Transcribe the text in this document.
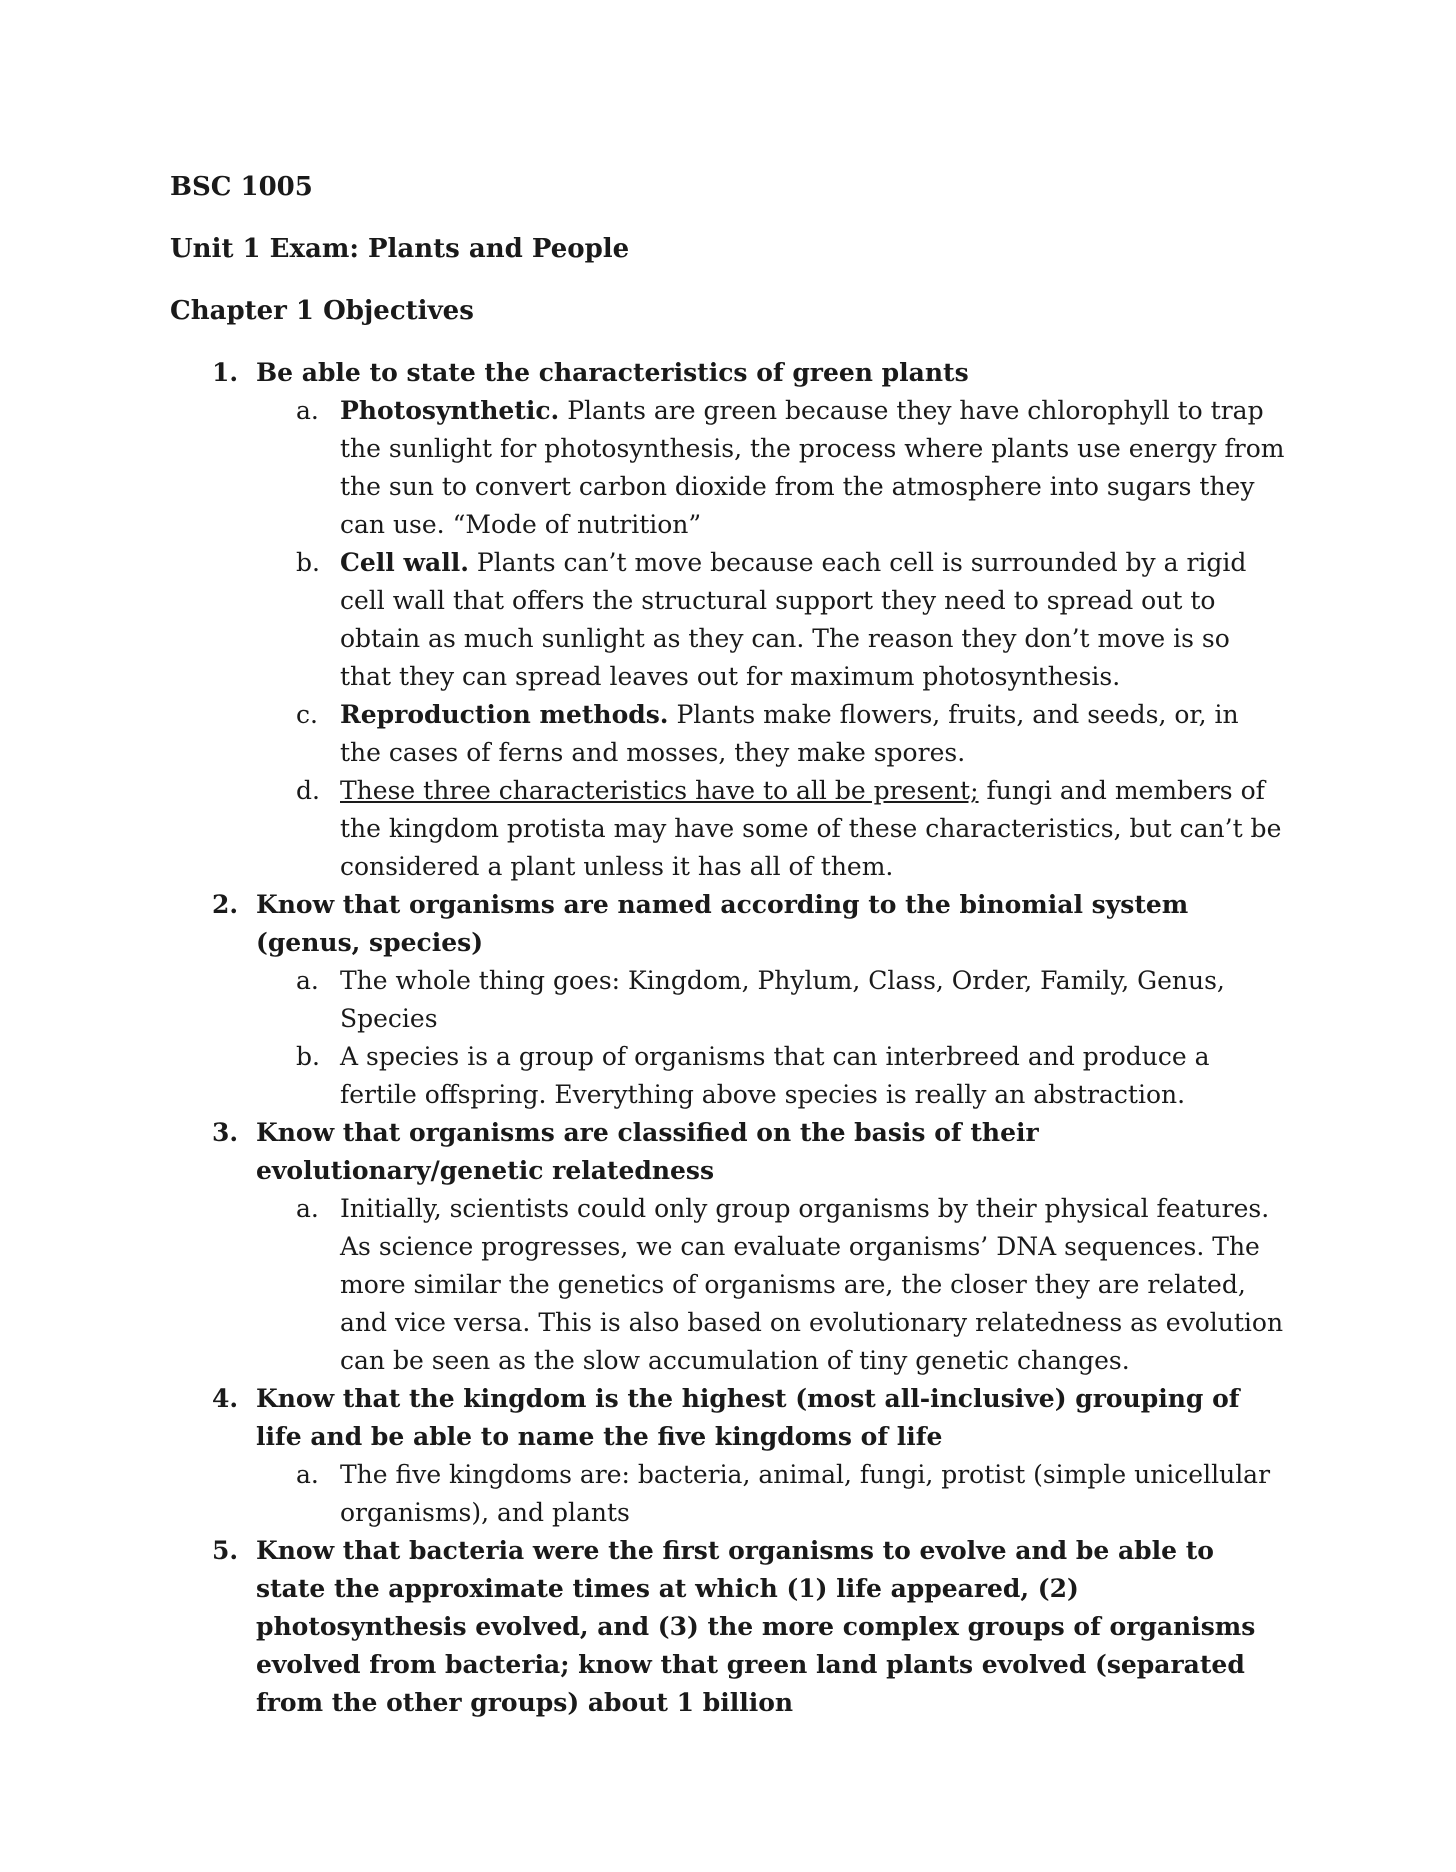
BSC 1005

Unit 1 Exam: Plants and People

Chapter 1 Objectives

1. Be able to state the characteristics of green plants
a. Photosynthetic. Plants are green because they have chlorophyll to trap the sunlight for photosynthesis, the process where plants use energy from the sun to convert carbon dioxide from the atmosphere into sugars they can use. “Mode of nutrition”
b. Cell wall. Plants can’t move because each cell is surrounded by a rigid cell wall that offers the structural support they need to spread out to obtain as much sunlight as they can. The reason they don’t move is so that they can spread leaves out for maximum photosynthesis.
c. Reproduction methods. Plants make flowers, fruits, and seeds, or, in the cases of ferns and mosses, they make spores.
d. These three characteristics have to all be present; fungi and members of the kingdom protista may have some of these characteristics, but can’t be considered a plant unless it has all of them.
2. Know that organisms are named according to the binomial system (genus, species)
a. The whole thing goes: Kingdom, Phylum, Class, Order, Family, Genus, Species
b. A species is a group of organisms that can interbreed and produce a fertile offspring. Everything above species is really an abstraction.
3. Know that organisms are classified on the basis of their evolutionary/genetic relatedness
a. Initially, scientists could only group organisms by their physical features. As science progresses, we can evaluate organisms’ DNA sequences. The more similar the genetics of organisms are, the closer they are related, and vice versa. This is also based on evolutionary relatedness as evolution can be seen as the slow accumulation of tiny genetic changes.
4. Know that the kingdom is the highest (most all-inclusive) grouping of life and be able to name the five kingdoms of life
a. The five kingdoms are: bacteria, animal, fungi, protist (simple unicellular organisms), and plants
5. Know that bacteria were the first organisms to evolve and be able to state the approximate times at which (1) life appeared, (2) photosynthesis evolved, and (3) the more complex groups of organisms evolved from bacteria; know that green land plants evolved (separated from the other groups) about 1 billion
